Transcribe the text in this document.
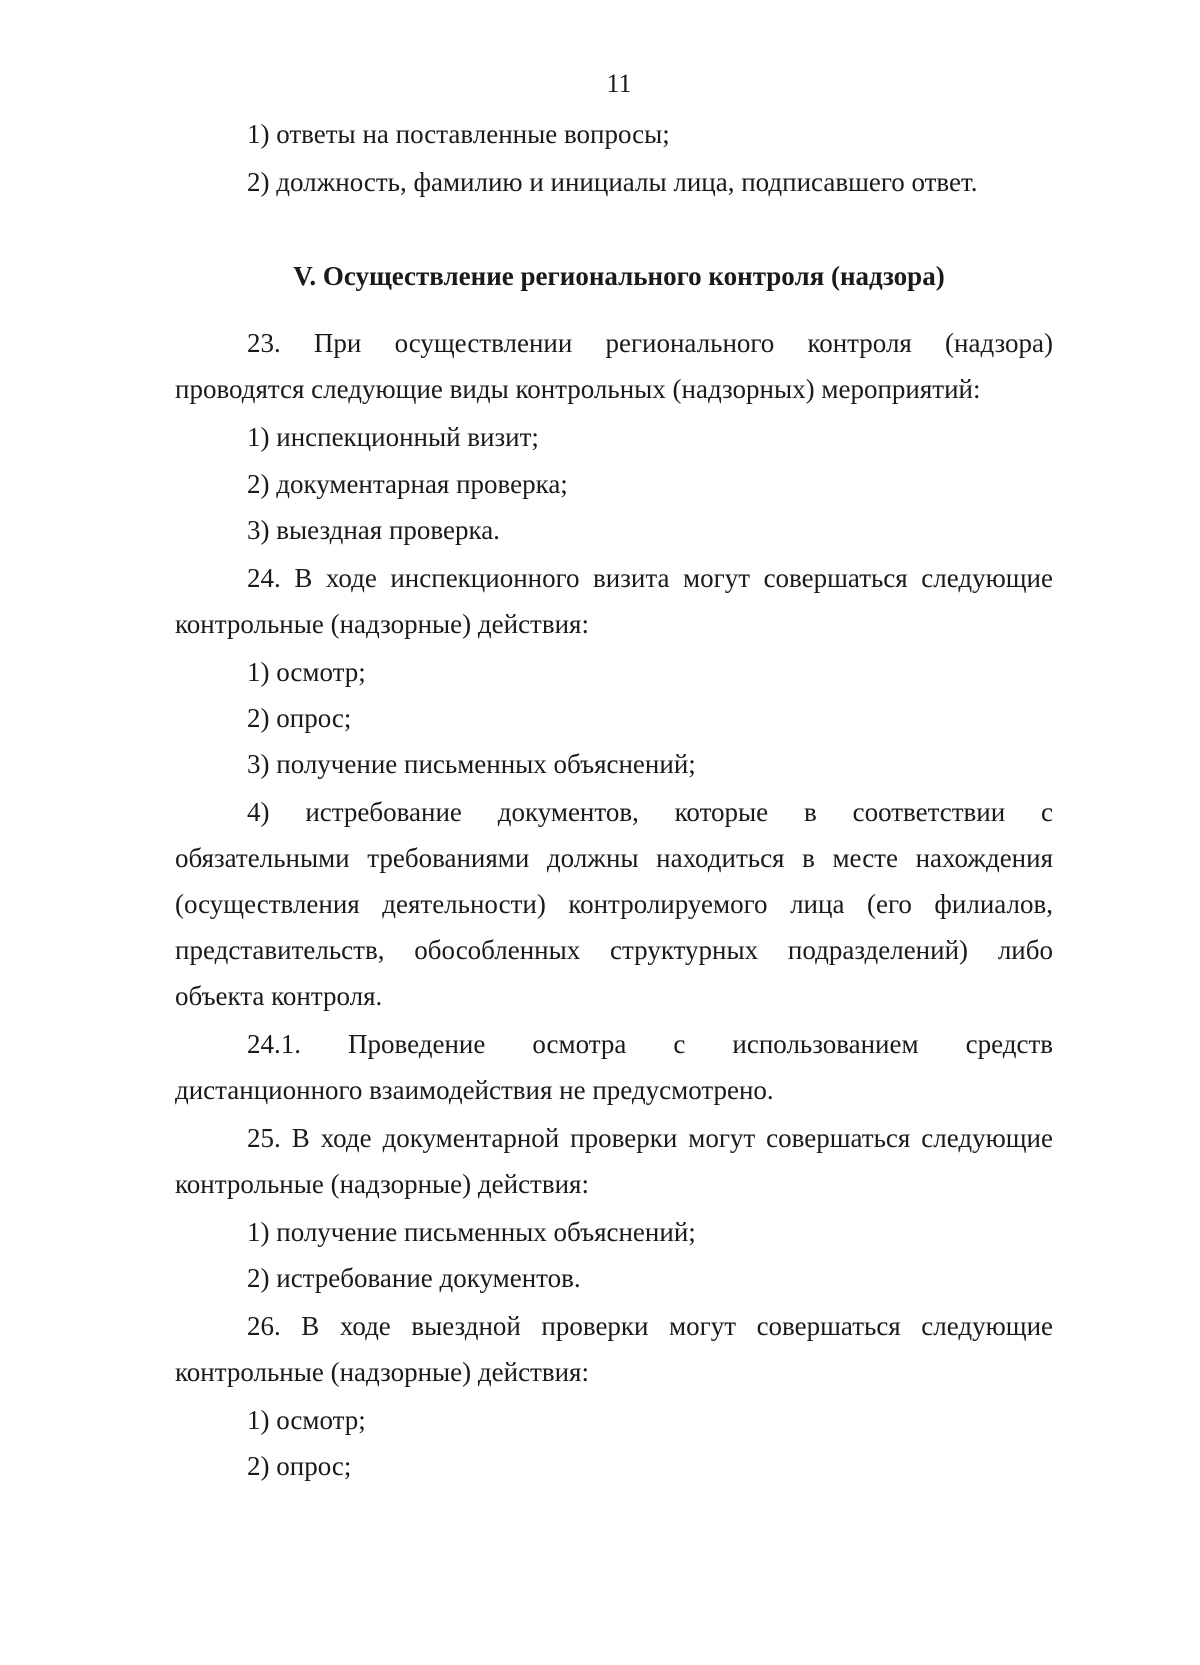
11

1) ответы на поставленные вопросы;

2) должность, фамилию и инициалы лица, подписавшего ответ.

V. Осуществление регионального контроля (надзора)

23. При осуществлении регионального контроля (надзора)

проводятся следующие виды контрольных (надзорных) мероприятий:

1) инспекционный визит;

2) документарная проверка;

3) выездная проверка.

24. В ходе инспекционного визита могут совершаться следующие

контрольные (надзорные) действия:

1) осмотр;

2) опрос;

3) получение письменных объяснений;

4) истребование документов, которые в соответствии с

обязательными требованиями должны находиться в месте нахождения

(осуществления деятельности) контролируемого лица (его филиалов,

представительств, обособленных структурных подразделений) либо

объекта контроля.

24.1. Проведение осмотра с использованием средств

дистанционного взаимодействия не предусмотрено.

25. В ходе документарной проверки могут совершаться следующие

контрольные (надзорные) действия:

1) получение письменных объяснений;

2) истребование документов.

26. В ходе выездной проверки могут совершаться следующие

контрольные (надзорные) действия:

1) осмотр;

2) опрос;
